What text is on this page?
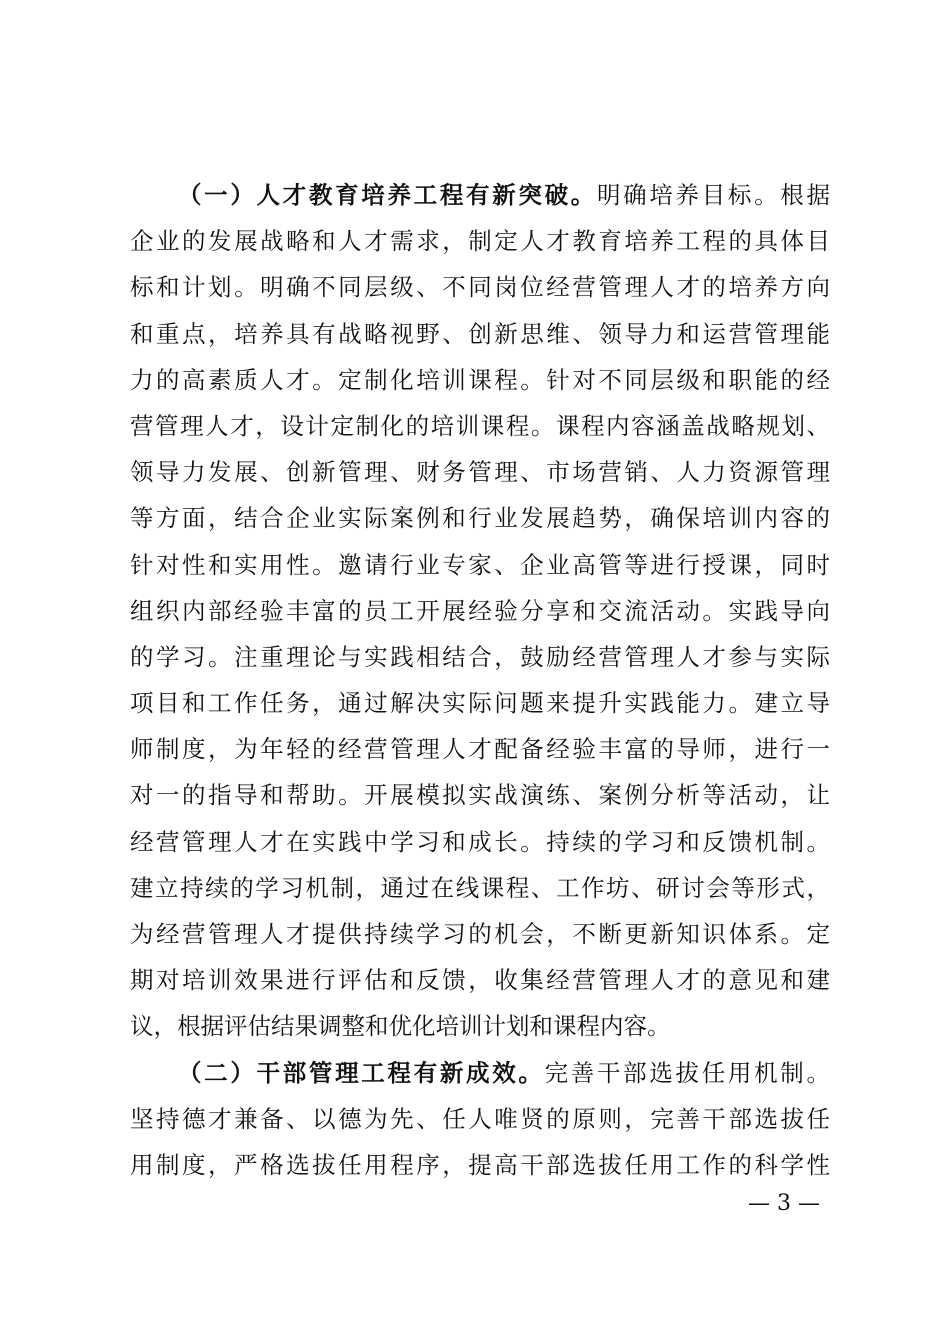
（一）人才教育培养工程有新突破。明确培养目标。根据
企业的发展战略和人才需求，制定人才教育培养工程的具体目
标和计划。明确不同层级、不同岗位经营管理人才的培养方向
和重点，培养具有战略视野、创新思维、领导力和运营管理能
力的高素质人才。定制化培训课程。针对不同层级和职能的经
营管理人才，设计定制化的培训课程。课程内容涵盖战略规划、
领导力发展、创新管理、财务管理、市场营销、人力资源管理
等方面，结合企业实际案例和行业发展趋势，确保培训内容的
针对性和实用性。邀请行业专家、企业高管等进行授课，同时
组织内部经验丰富的员工开展经验分享和交流活动。实践导向
的学习。注重理论与实践相结合，鼓励经营管理人才参与实际
项目和工作任务，通过解决实际问题来提升实践能力。建立导
师制度，为年轻的经营管理人才配备经验丰富的导师，进行一
对一的指导和帮助。开展模拟实战演练、案例分析等活动，让
经营管理人才在实践中学习和成长。持续的学习和反馈机制。
建立持续的学习机制，通过在线课程、工作坊、研讨会等形式，
为经营管理人才提供持续学习的机会，不断更新知识体系。定
期对培训效果进行评估和反馈，收集经营管理人才的意见和建
议，根据评估结果调整和优化培训计划和课程内容。
（二）干部管理工程有新成效。完善干部选拔任用机制。
坚持德才兼备、以德为先、任人唯贤的原则，完善干部选拔任
用制度，严格选拔任用程序，提高干部选拔任用工作的科学性
— 3 —
